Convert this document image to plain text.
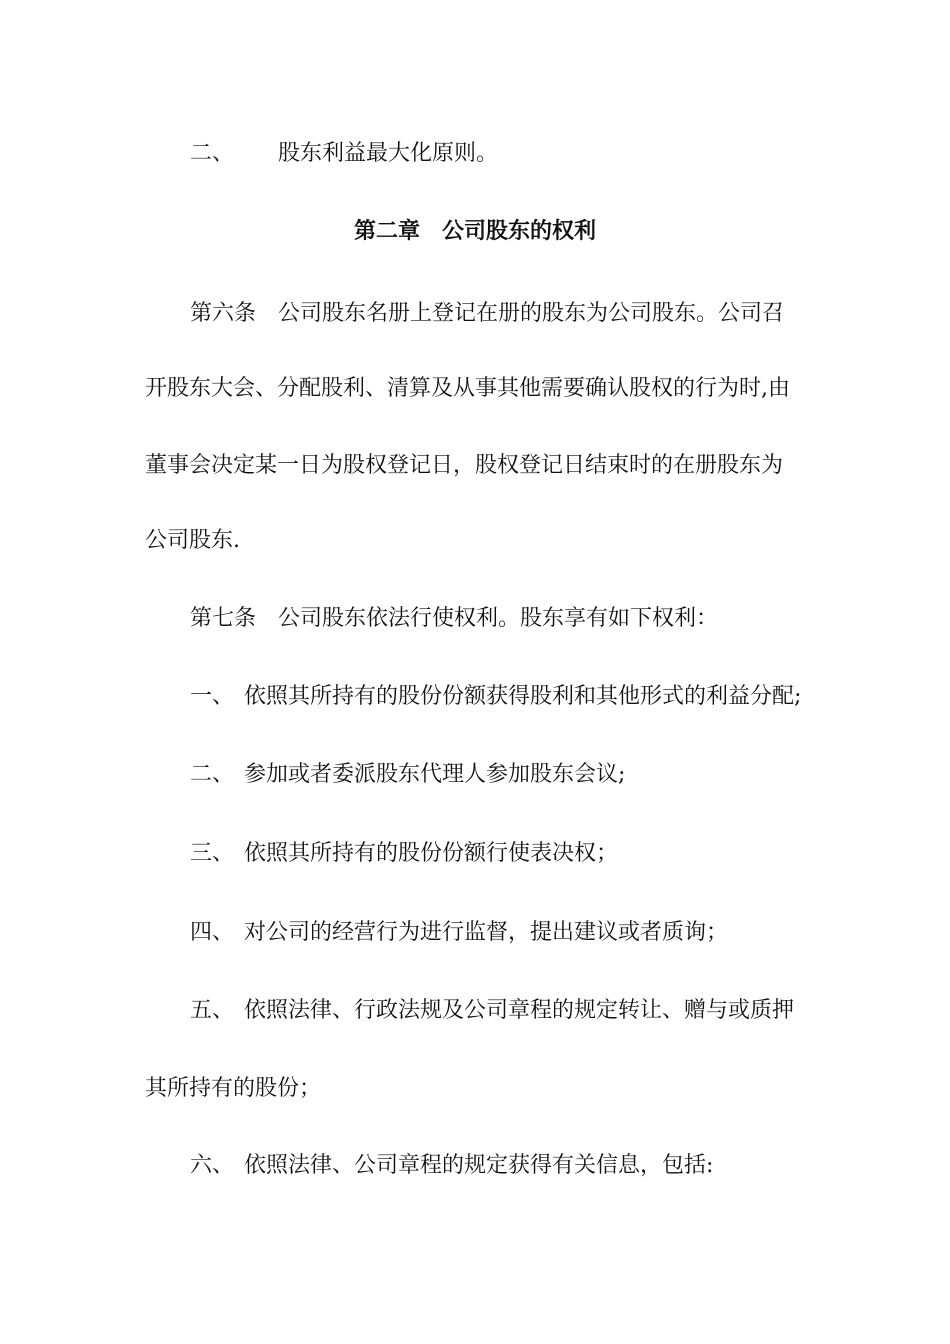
二、 股东利益最大化原则。
第二章 公司股东的权利
第六条 公司股东名册上登记在册的股东为公司股东。公司召
开股东大会、分配股利、清算及从事其他需要确认股权的行为时,由
董事会决定某一日为股权登记日，股权登记日结束时的在册股东为
公司股东.
第七条 公司股东依法行使权利。股东享有如下权利：
一、 依照其所持有的股份份额获得股利和其他形式的利益分配;
二、 参加或者委派股东代理人参加股东会议;
三、 依照其所持有的股份份额行使表决权；
四、 对公司的经营行为进行监督，提出建议或者质询；
五、 依照法律、行政法规及公司章程的规定转让、赠与或质押
其所持有的股份；
六、 依照法律、公司章程的规定获得有关信息，包括:
